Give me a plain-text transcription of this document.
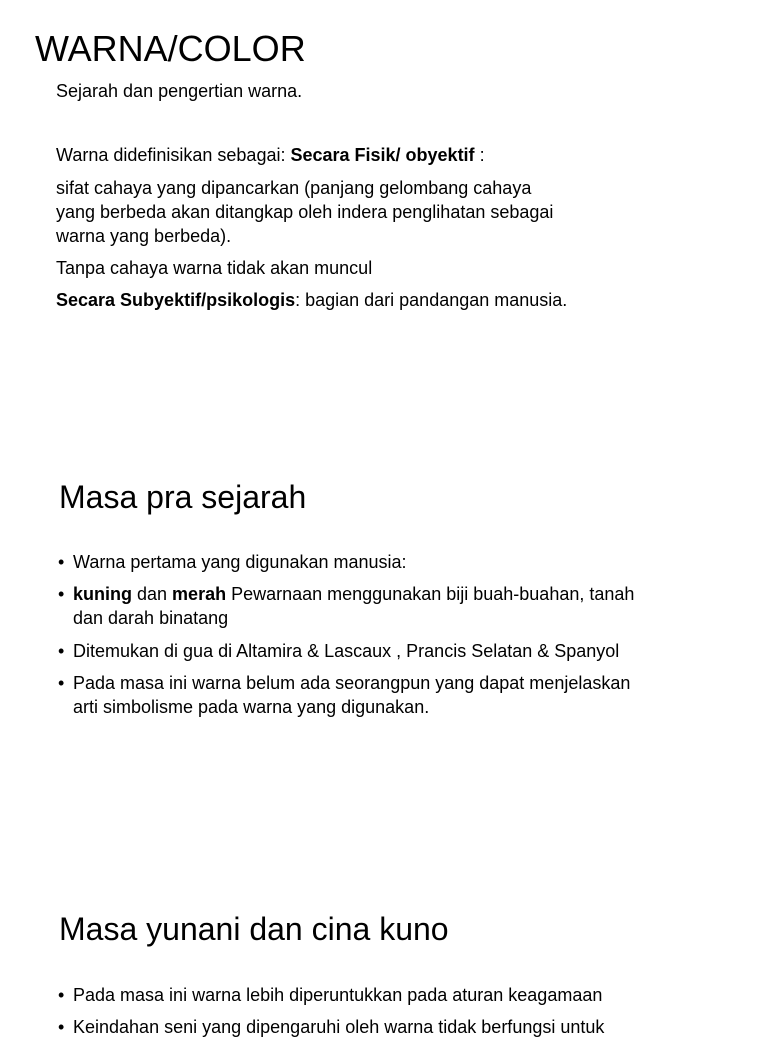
WARNA/COLOR

Sejarah dan pengertian warna.

Warna didefinisikan sebagai: Secara Fisik/ obyektif :

sifat cahaya yang dipancarkan (panjang gelombang cahaya

yang berbeda akan ditangkap oleh indera penglihatan sebagai

warna yang berbeda).

Tanpa cahaya warna tidak akan muncul

Secara Subyektif/psikologis: bagian dari pandangan manusia.

Masa pra sejarah
• Warna pertama yang digunakan manusia:
• kuning dan merah Pewarnaan menggunakan biji buah-buahan, tanah
dan darah binatang
• Ditemukan di gua di Altamira & Lascaux , Prancis Selatan & Spanyol
• Pada masa ini warna belum ada seorangpun yang dapat menjelaskan
arti simbolisme pada warna yang digunakan.
Masa yunani dan cina kuno
• Pada masa ini warna lebih diperuntukkan pada aturan keagamaan
• Keindahan seni yang dipengaruhi oleh warna tidak berfungsi untuk
